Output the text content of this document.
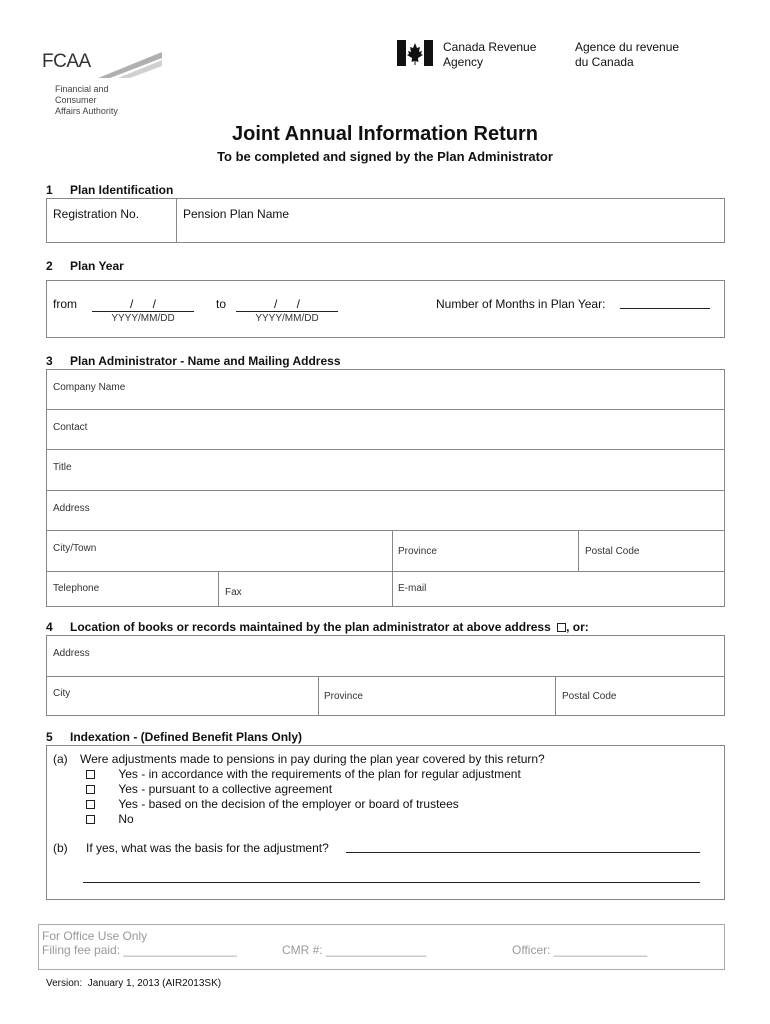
FCAA
Financial and
Consumer
Affairs Authority
Canada Revenue
Agency
Agence du revenue
du Canada
Joint Annual Information Return
To be completed and signed by the Plan Administrator
1 Plan Identification
Registration No.	Pension Plan Name
2 Plan Year
from	/ /
YYYY/MM/DD
to	/ /
YYYY/MM/DD
Number of Months in Plan Year:
3 Plan Administrator - Name and Mailing Address
Company Name
Contact
Title
Address
City/Town	Province	Postal Code
Telephone	Fax	E-mail
4 Location of books or records maintained by the plan administrator at above address , or:
Address
City	Province	Postal Code
5 Indexation - (Defined Benefit Plans Only)
(a) Were adjustments made to pensions in pay during the plan year covered by this return?
Yes - in accordance with the requirements of the plan for regular adjustment
Yes - pursuant to a collective agreement
Yes - based on the decision of the employer or board of trustees
No
(b) If yes, what was the basis for the adjustment?
For Office Use Only
Filing fee paid: _________________	CMR #: _______________	Officer: ______________
Version:  January 1, 2013 (AIR2013SK)
